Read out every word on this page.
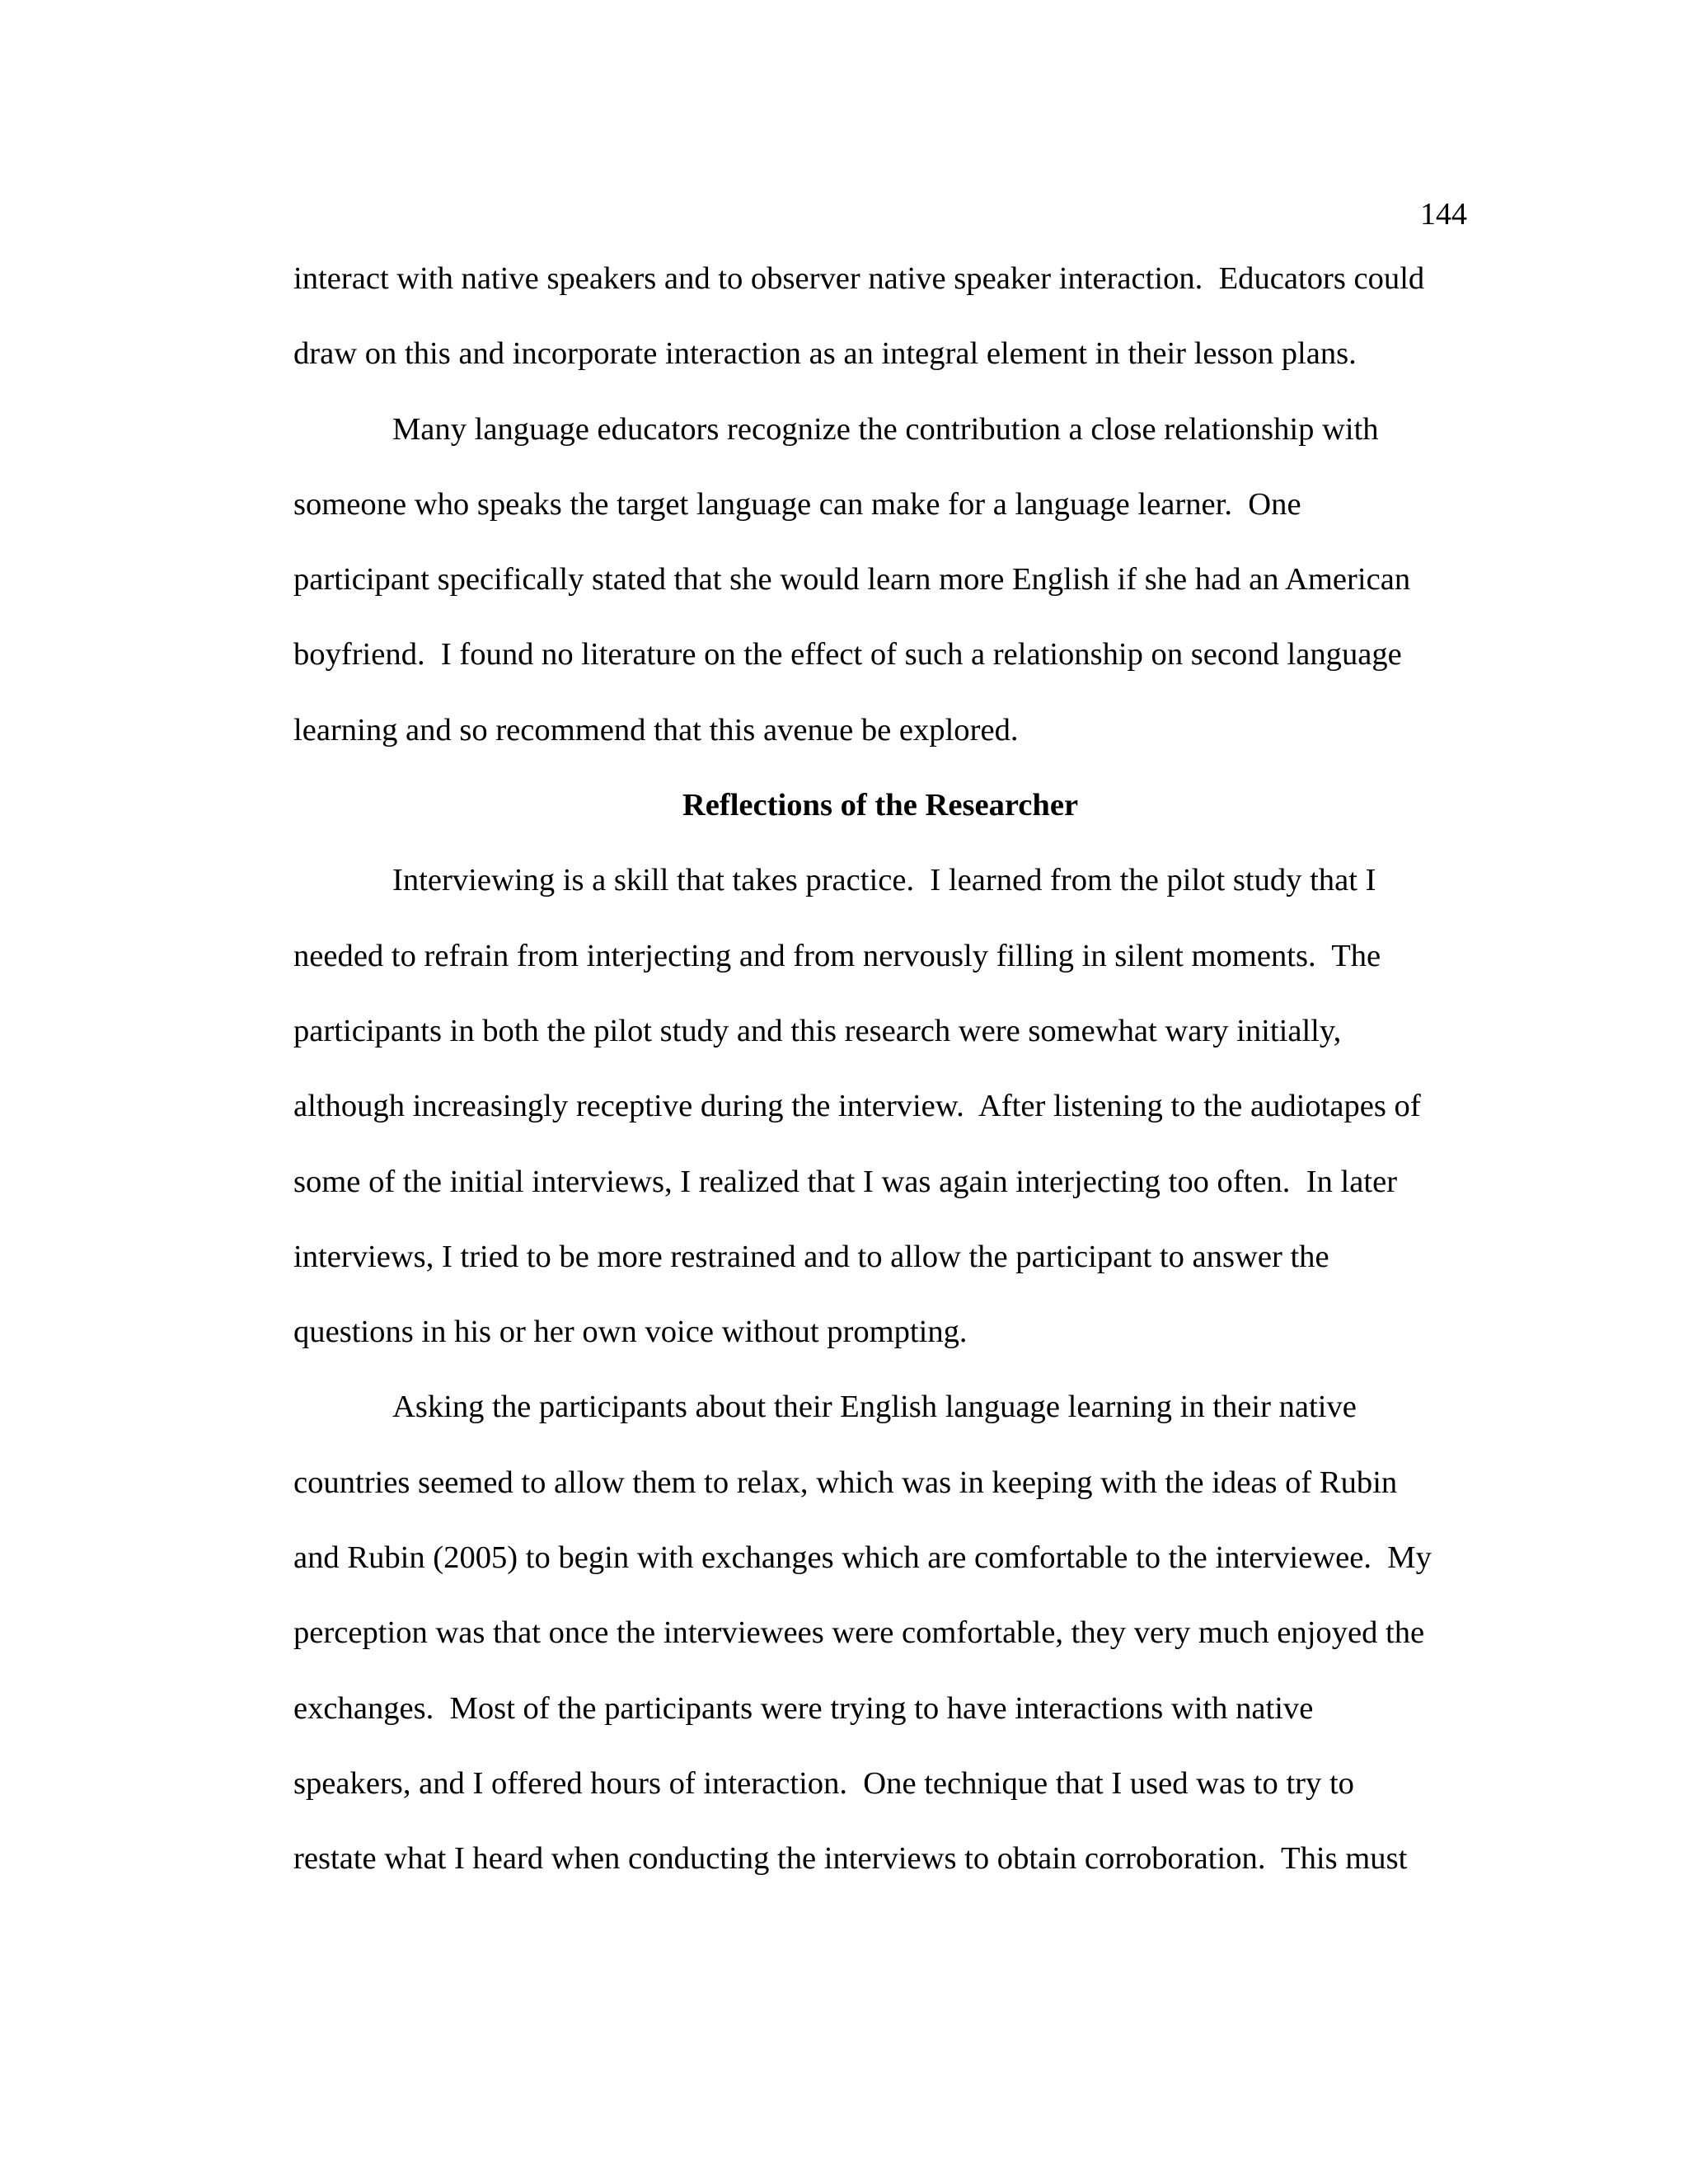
144
interact with native speakers and to observer native speaker interaction.  Educators could
draw on this and incorporate interaction as an integral element in their lesson plans.
Many language educators recognize the contribution a close relationship with
someone who speaks the target language can make for a language learner.  One
participant specifically stated that she would learn more English if she had an American
boyfriend.  I found no literature on the effect of such a relationship on second language
learning and so recommend that this avenue be explored.
Reflections of the Researcher
Interviewing is a skill that takes practice.  I learned from the pilot study that I
needed to refrain from interjecting and from nervously filling in silent moments.  The
participants in both the pilot study and this research were somewhat wary initially,
although increasingly receptive during the interview.  After listening to the audiotapes of
some of the initial interviews, I realized that I was again interjecting too often.  In later
interviews, I tried to be more restrained and to allow the participant to answer the
questions in his or her own voice without prompting.
Asking the participants about their English language learning in their native
countries seemed to allow them to relax, which was in keeping with the ideas of Rubin
and Rubin (2005) to begin with exchanges which are comfortable to the interviewee.  My
perception was that once the interviewees were comfortable, they very much enjoyed the
exchanges.  Most of the participants were trying to have interactions with native
speakers, and I offered hours of interaction.  One technique that I used was to try to
restate what I heard when conducting the interviews to obtain corroboration.  This must
